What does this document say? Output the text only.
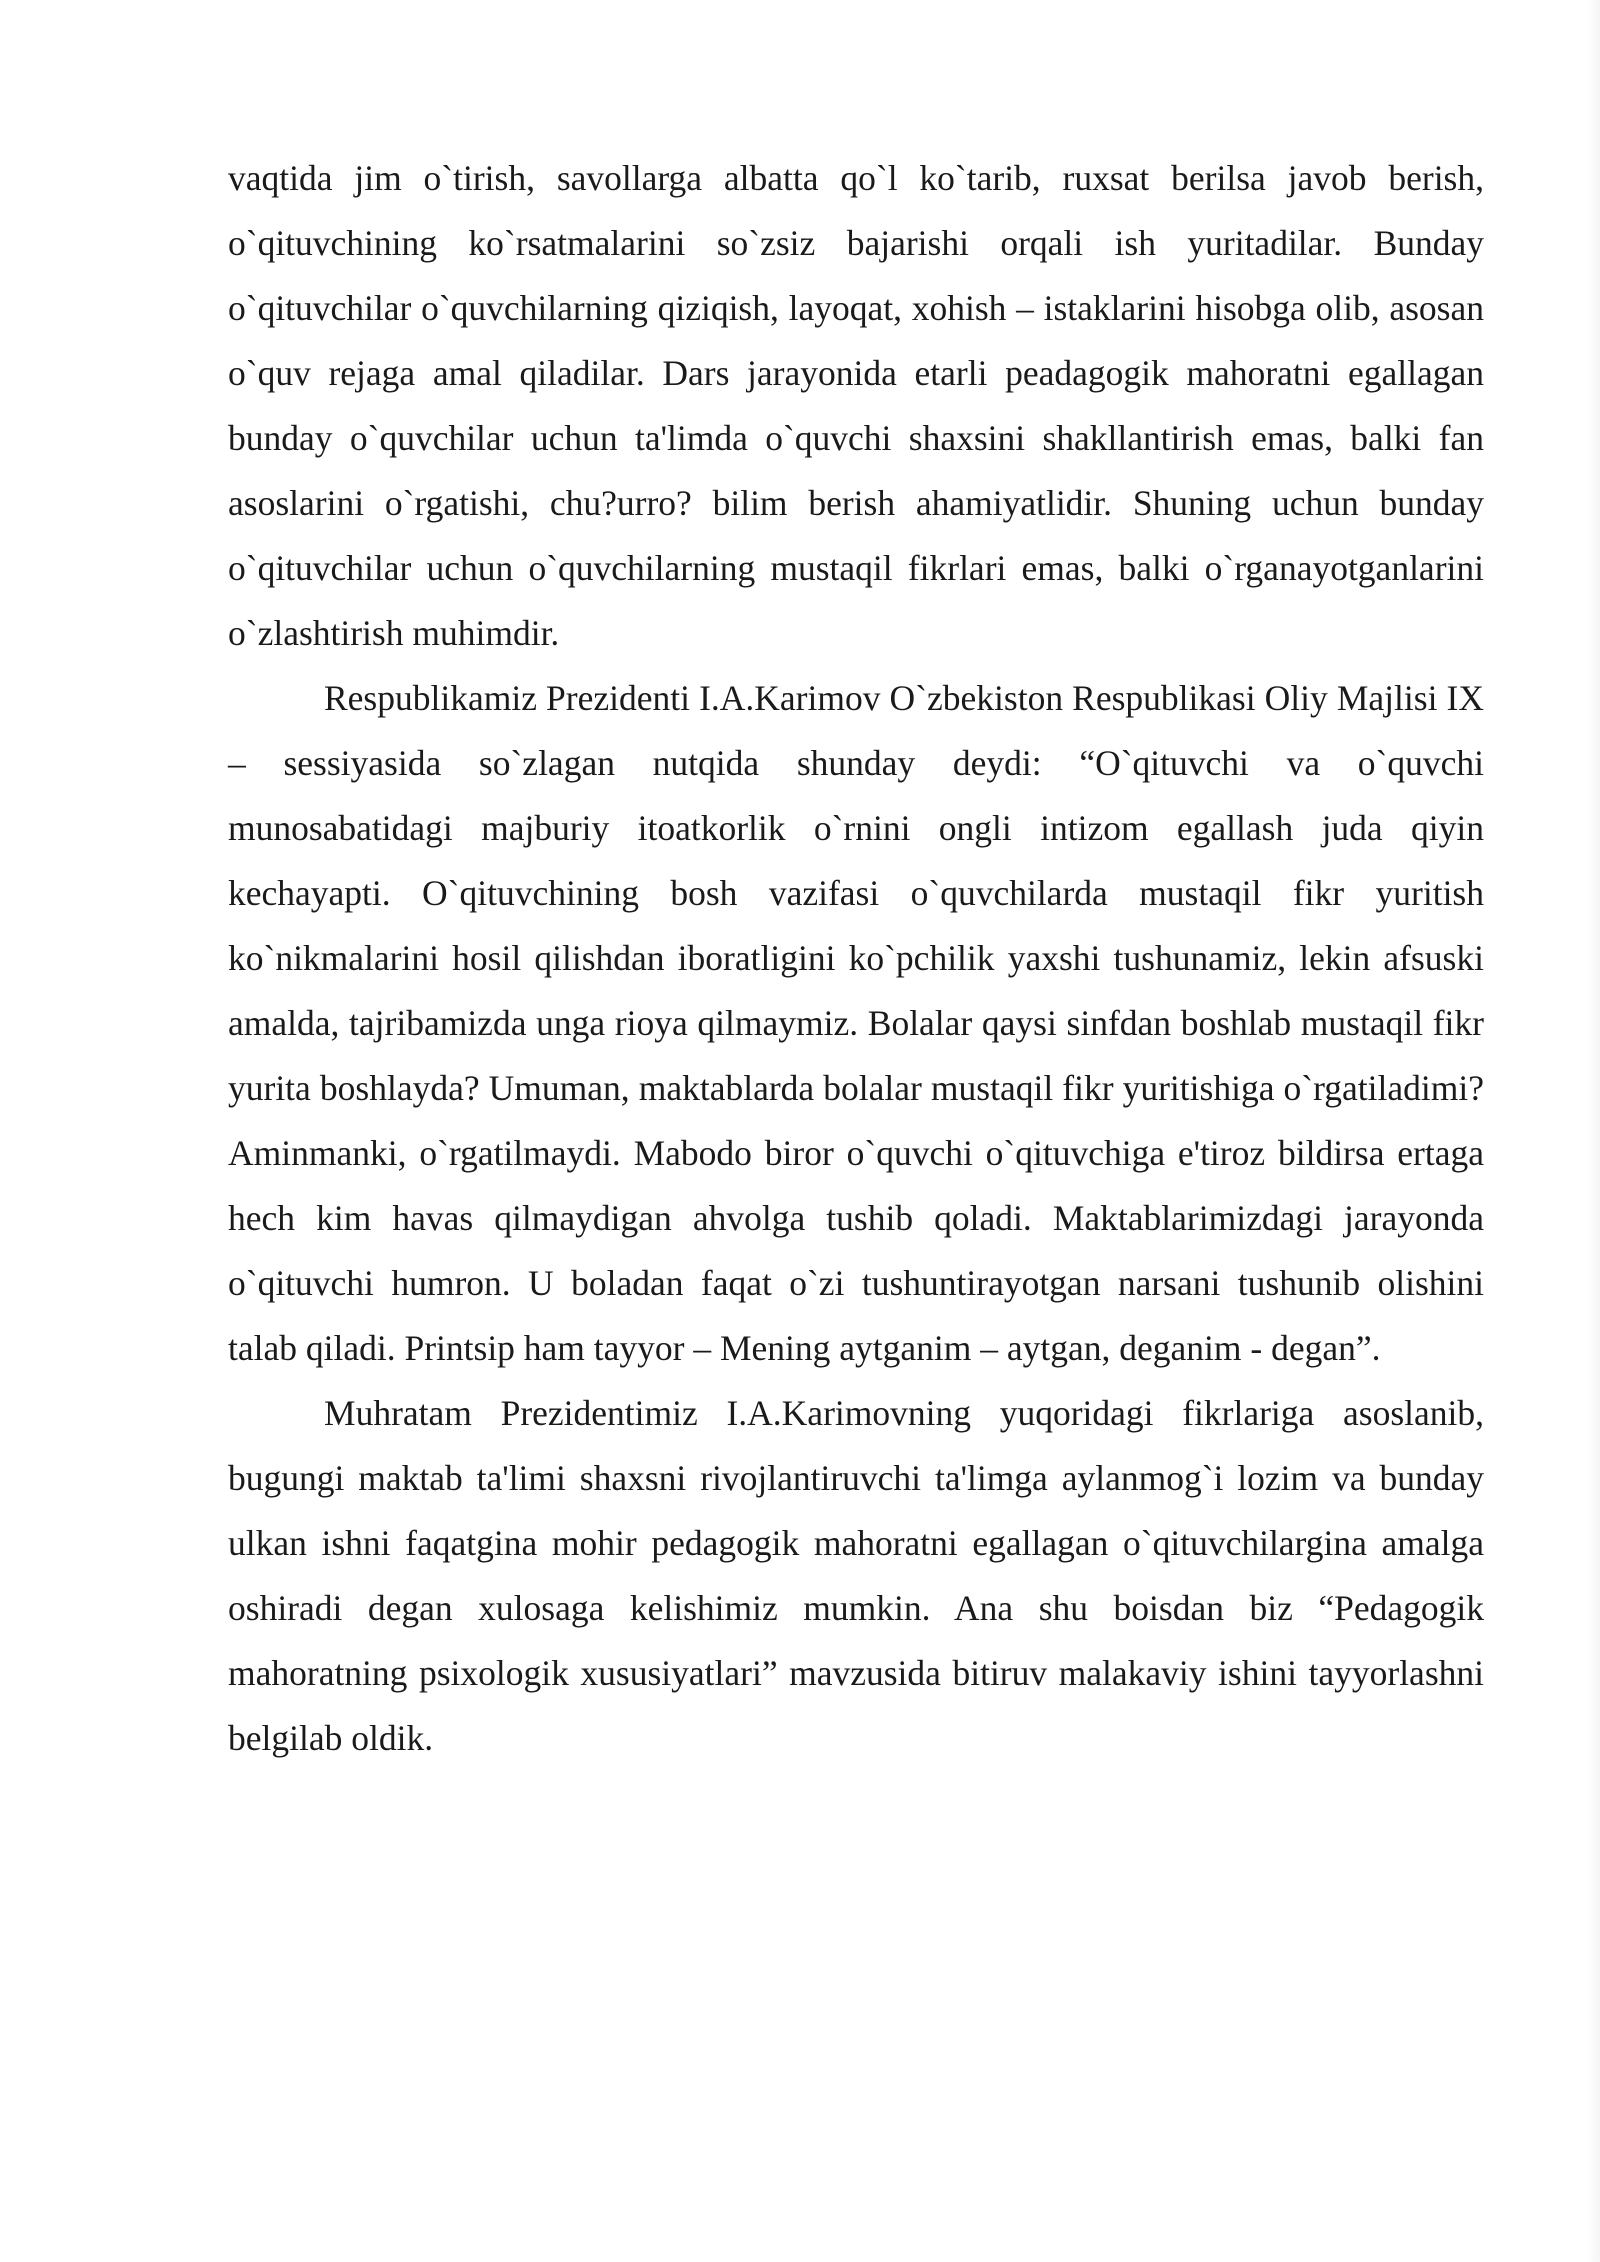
vaqtida jim o`tirish, savollarga albatta qo`l ko`tarib, ruxsat berilsa javob berish, o`qituvchining ko`rsatmalarini so`zsiz bajarishi orqali ish yuritadilar. Bunday o`qituvchilar o`quvchilarning qiziqish, layoqat, xohish – istaklarini hisobga olib, asosan o`quv rejaga amal qiladilar. Dars jarayonida etarli peadagogik mahoratni egallagan bunday o`quvchilar uchun ta'limda o`quvchi shaxsini shakllantirish emas, balki fan asoslarini o`rgatishi, chu?urro? bilim berish ahamiyatlidir. Shuning uchun bunday o`qituvchilar uchun o`quvchilarning mustaqil fikrlari emas, balki o`rganayotganlarini o`zlashtirish muhimdir.

Respublikamiz Prezidenti I.A.Karimov O`zbekiston Respublikasi Oliy Majlisi IX – sessiyasida so`zlagan nutqida shunday deydi: “O`qituvchi va o`quvchi munosabatidagi majburiy itoatkorlik o`rnini ongli intizom egallash juda qiyin kechayapti. O`qituvchining bosh vazifasi o`quvchilarda mustaqil fikr yuritish ko`nikmalarini hosil qilishdan iboratligini ko`pchilik yaxshi tushunamiz, lekin afsuski amalda, tajribamizda unga rioya qilmaymiz. Bolalar qaysi sinfdan boshlab mustaqil fikr yurita boshlayda? Umuman, maktablarda bolalar mustaqil fikr yuritishiga o`rgatiladimi? Aminmanki, o`rgatilmaydi. Mabodo biror o`quvchi o`qituvchiga e'tiroz bildirsa ertaga hech kim havas qilmaydigan ahvolga tushib qoladi. Maktablarimizdagi jarayonda o`qituvchi humron. U boladan faqat o`zi tushuntirayotgan narsani tushunib olishini talab qiladi. Printsip ham tayyor – Mening aytganim – aytgan, deganim - degan”.

Muhratam Prezidentimiz I.A.Karimovning yuqoridagi fikrlariga asoslanib, bugungi maktab ta'limi shaxsni rivojlantiruvchi ta'limga aylanmog`i lozim va bunday ulkan ishni faqatgina mohir pedagogik mahoratni egallagan o`qituvchilargina amalga oshiradi degan xulosaga kelishimiz mumkin. Ana shu boisdan biz “Pedagogik mahoratning psixologik xususiyatlari” mavzusida bitiruv malakaviy ishini tayyorlashni belgilab oldik.
